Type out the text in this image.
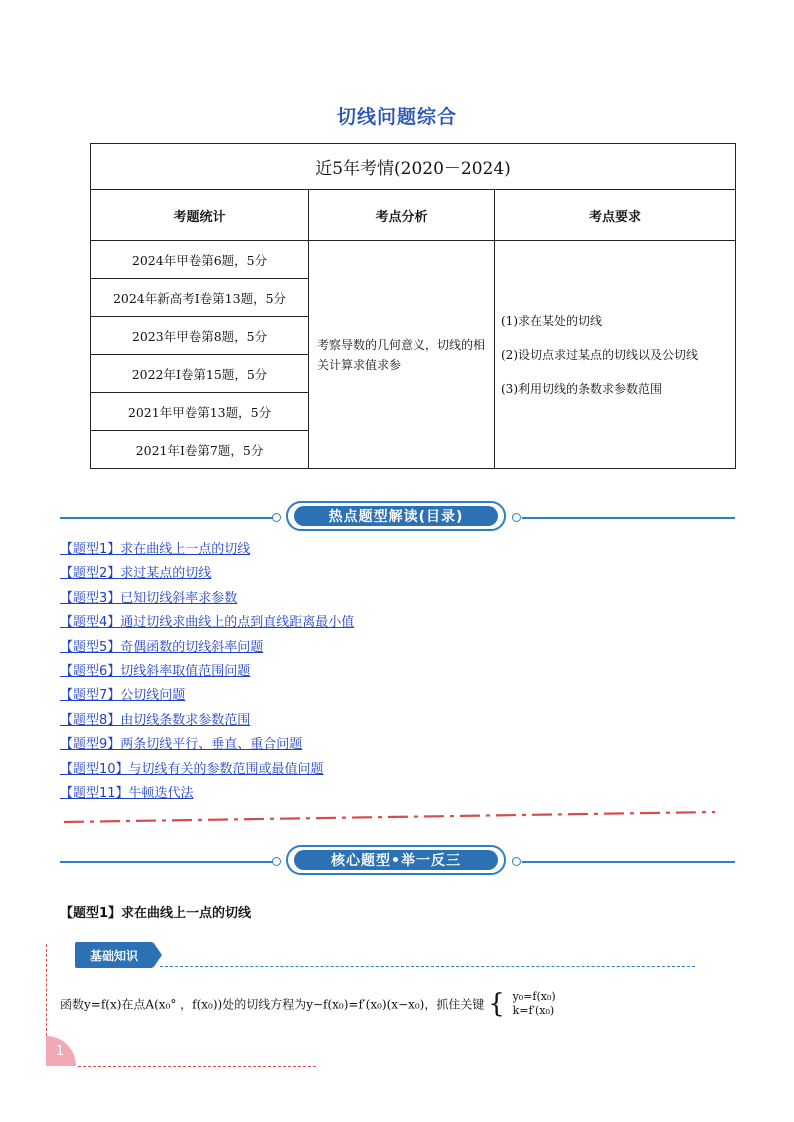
切线问题综合
近5年考情(2020－2024)		
考题统计	考点分析	考点要求
2024年甲卷第6题，5分	考察导数的几何意义，切线的相关计算求值求参	(1)求在某处的切线
(2)设切点求过某点的切线以及公切线
(3)利用切线的条数求参数范围

2024年新高考I卷第13题，5分		
2023年甲卷第8题，5分		
2022年I卷第15题，5分		
2021年甲卷第13题，5分		
2021年I卷第7题，5分		
热点题型解读(目录)
【题型1】求在曲线上一点的切线
【题型2】求过某点的切线
【题型3】已知切线斜率求参数
【题型4】通过切线求曲线上的点到直线距离最小值
【题型5】奇偶函数的切线斜率问题
【题型6】切线斜率取值范围问题
【题型7】公切线问题
【题型8】由切线条数求参数范围
【题型9】两条切线平行、垂直、重合问题
【题型10】与切线有关的参数范围或最值问题
【题型11】牛顿迭代法
核心题型•举一反三
【题型1】求在曲线上一点的切线
基础知识
函数y=f(x)在点A(x₀° ，f(x₀))处的切线方程为y−f(x₀)=f′(x₀)(x−x₀)，抓住关键 { y₀=f(x₀)
k=f′(x₀)
1
